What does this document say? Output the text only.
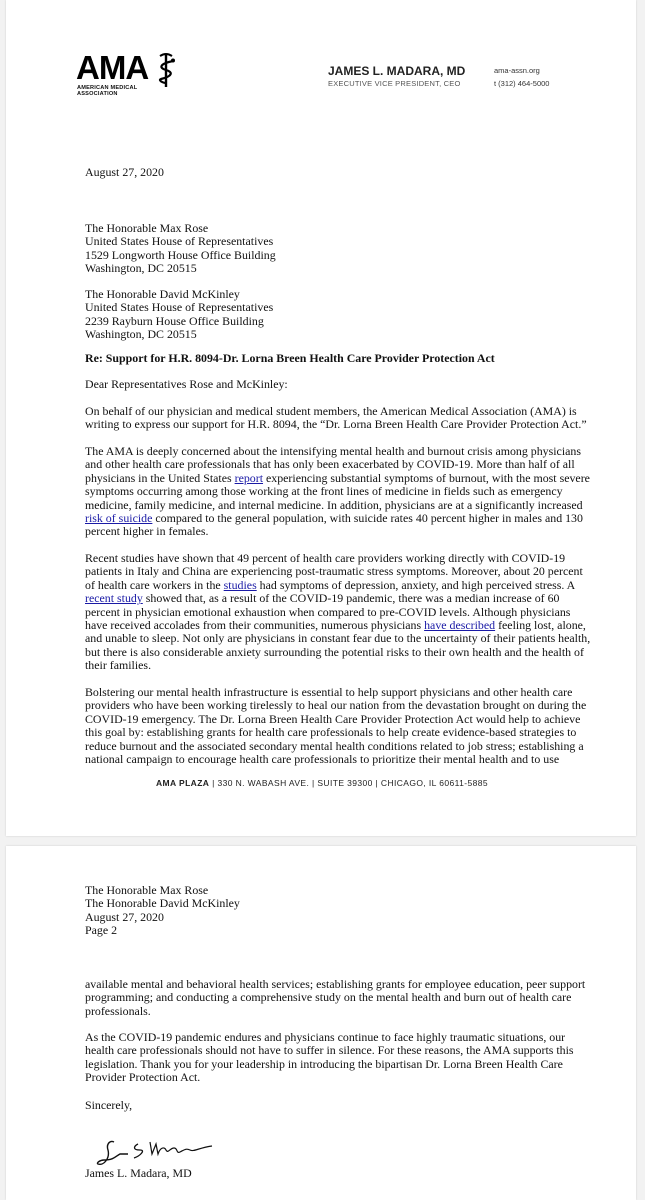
AMA
AMERICAN MEDICAL
ASSOCIATION
JAMES L. MADARA, MD
EXECUTIVE VICE PRESIDENT, CEO
ama-assn.org
t (312) 464-5000
August 27, 2020
The Honorable Max Rose
United States House of Representatives
1529 Longworth House Office Building
Washington, DC 20515
The Honorable David McKinley
United States House of Representatives
2239 Rayburn House Office Building
Washington, DC 20515
Re: Support for H.R. 8094-Dr. Lorna Breen Health Care Provider Protection Act
Dear Representatives Rose and McKinley:
On behalf of our physician and medical student members, the American Medical Association (AMA) is
writing to express our support for H.R. 8094, the “Dr. Lorna Breen Health Care Provider Protection Act.”
The AMA is deeply concerned about the intensifying mental health and burnout crisis among physicians
and other health care professionals that has only been exacerbated by COVID-19. More than half of all
physicians in the United States report experiencing substantial symptoms of burnout, with the most severe
symptoms occurring among those working at the front lines of medicine in fields such as emergency
medicine, family medicine, and internal medicine. In addition, physicians are at a significantly increased
risk of suicide compared to the general population, with suicide rates 40 percent higher in males and 130
percent higher in females.
Recent studies have shown that 49 percent of health care providers working directly with COVID-19
patients in Italy and China are experiencing post-traumatic stress symptoms. Moreover, about 20 percent
of health care workers in the studies had symptoms of depression, anxiety, and high perceived stress. A
recent study showed that, as a result of the COVID-19 pandemic, there was a median increase of 60
percent in physician emotional exhaustion when compared to pre-COVID levels. Although physicians
have received accolades from their communities, numerous physicians have described feeling lost, alone,
and unable to sleep. Not only are physicians in constant fear due to the uncertainty of their patients health,
but there is also considerable anxiety surrounding the potential risks to their own health and the health of
their families.
Bolstering our mental health infrastructure is essential to help support physicians and other health care
providers who have been working tirelessly to heal our nation from the devastation brought on during the
COVID-19 emergency. The Dr. Lorna Breen Health Care Provider Protection Act would help to achieve
this goal by: establishing grants for health care professionals to help create evidence-based strategies to
reduce burnout and the associated secondary mental health conditions related to job stress; establishing a
national campaign to encourage health care professionals to prioritize their mental health and to use
AMA PLAZA | 330 N. WABASH AVE. | SUITE 39300 | CHICAGO, IL 60611-5885
The Honorable Max Rose
The Honorable David McKinley
August 27, 2020
Page 2
available mental and behavioral health services; establishing grants for employee education, peer support
programming; and conducting a comprehensive study on the mental health and burn out of health care
professionals.
As the COVID-19 pandemic endures and physicians continue to face highly traumatic situations, our
health care professionals should not have to suffer in silence. For these reasons, the AMA supports this
legislation. Thank you for your leadership in introducing the bipartisan Dr. Lorna Breen Health Care
Provider Protection Act.
Sincerely,
James L. Madara, MD
